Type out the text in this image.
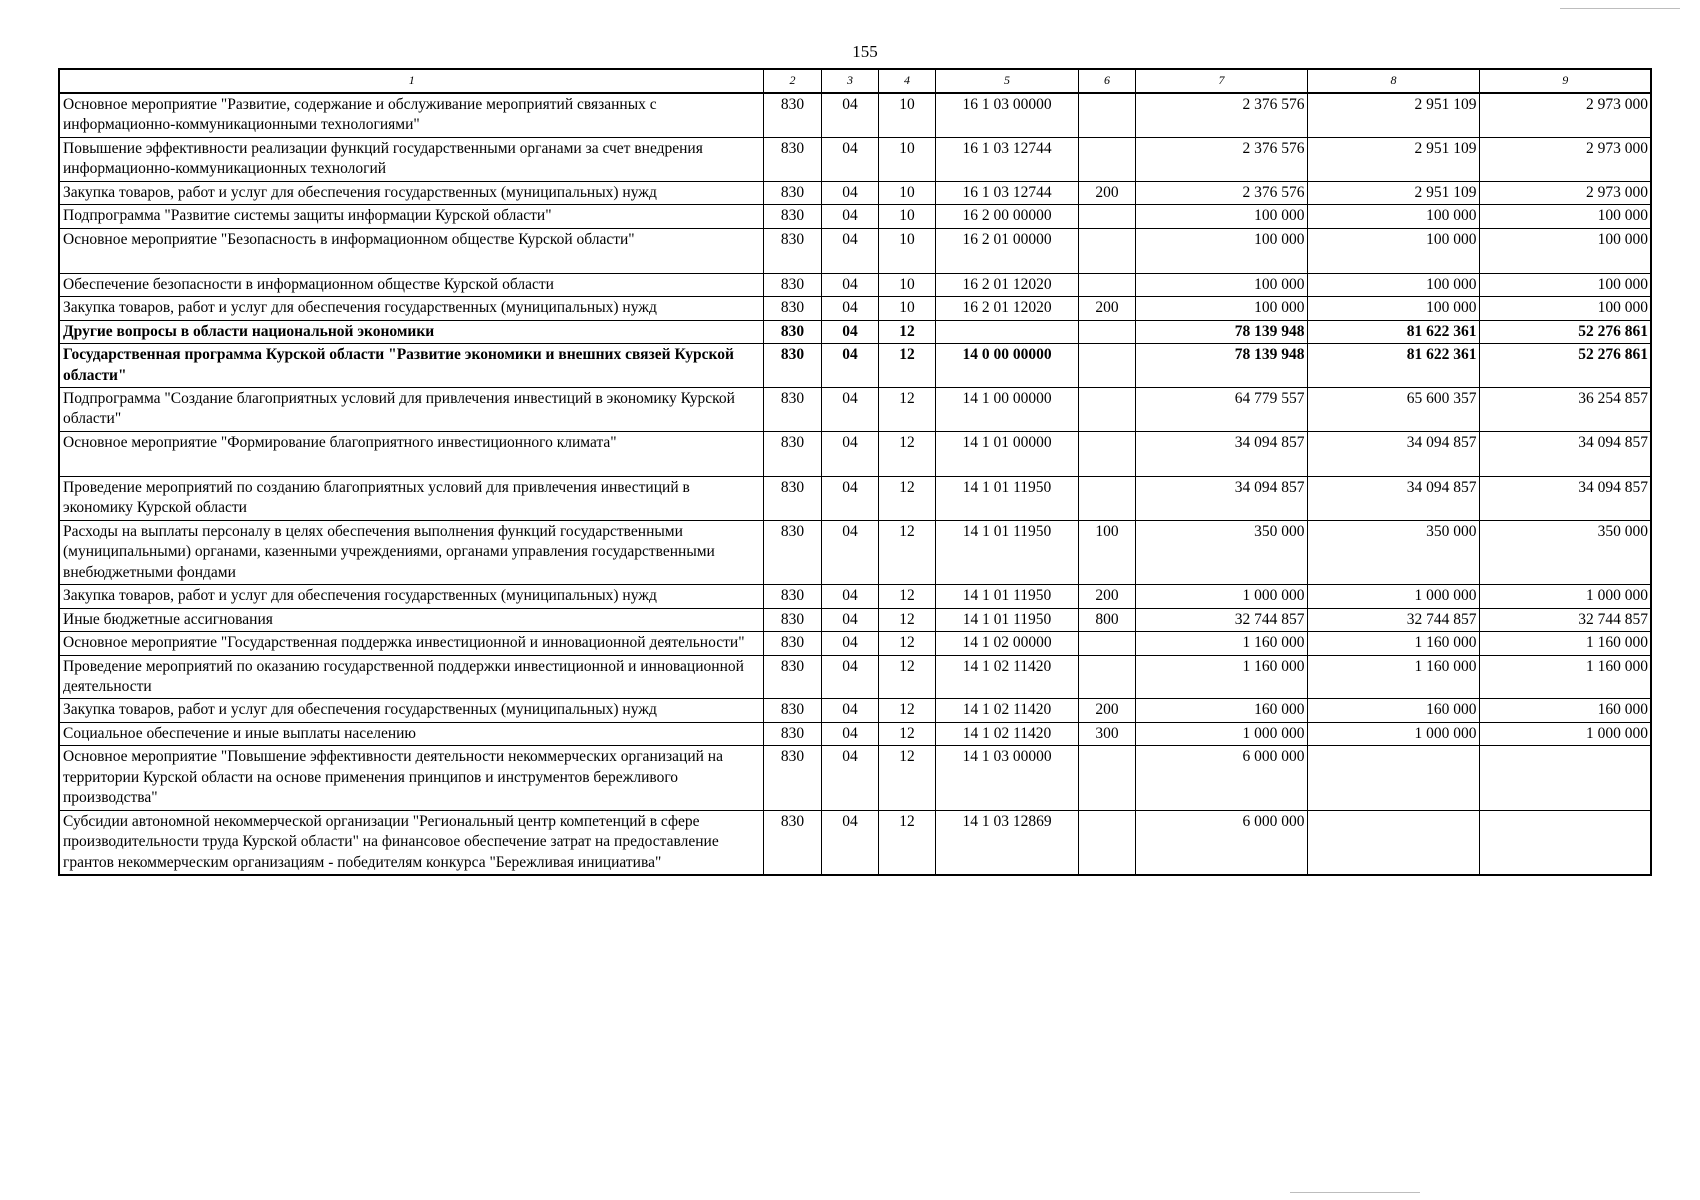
155
1	2	3	4	5	6	7	8	9
Основное мероприятие "Развитие, содержание и обслуживание мероприятий связанных с информационно-коммуникационными технологиями"	830	04	10	16 1 03 00000		2 376 576	2 951 109	2 973 000
Повышение эффективности реализации функций государственными органами за счет внедрения информационно-коммуникационных технологий	830	04	10	16 1 03 12744		2 376 576	2 951 109	2 973 000
Закупка товаров, работ и услуг для обеспечения государственных (муниципальных) нужд	830	04	10	16 1 03 12744	200	2 376 576	2 951 109	2 973 000
Подпрограмма "Развитие системы защиты информации Курской области"	830	04	10	16 2 00 00000		100 000	100 000	100 000
Основное мероприятие "Безопасность в информационном обществе Курской области"	830	04	10	16 2 01 00000		100 000	100 000	100 000
Обеспечение безопасности в информационном обществе Курской области	830	04	10	16 2 01 12020		100 000	100 000	100 000
Закупка товаров, работ и услуг для обеспечения государственных (муниципальных) нужд	830	04	10	16 2 01 12020	200	100 000	100 000	100 000
Другие вопросы в области национальной экономики	830	04	12			78 139 948	81 622 361	52 276 861
Государственная программа Курской области "Развитие экономики и внешних связей Курской области"	830	04	12	14 0 00 00000		78 139 948	81 622 361	52 276 861
Подпрограмма "Создание благоприятных условий для привлечения инвестиций в экономику Курской области"	830	04	12	14 1 00 00000		64 779 557	65 600 357	36 254 857
Основное мероприятие "Формирование благоприятного инвестиционного климата"	830	04	12	14 1 01 00000		34 094 857	34 094 857	34 094 857
Проведение мероприятий по созданию благоприятных условий для привлечения инвестиций в экономику Курской области	830	04	12	14 1 01 11950		34 094 857	34 094 857	34 094 857
Расходы на выплаты персоналу в целях обеспечения выполнения функций государственными (муниципальными) органами, казенными учреждениями, органами управления государственными внебюджетными фондами	830	04	12	14 1 01 11950	100	350 000	350 000	350 000
Закупка товаров, работ и услуг для обеспечения государственных (муниципальных) нужд	830	04	12	14 1 01 11950	200	1 000 000	1 000 000	1 000 000
Иные бюджетные ассигнования	830	04	12	14 1 01 11950	800	32 744 857	32 744 857	32 744 857
Основное мероприятие "Государственная поддержка инвестиционной и инновационной деятельности"	830	04	12	14 1 02 00000		1 160 000	1 160 000	1 160 000
Проведение мероприятий по оказанию государственной поддержки инвестиционной и инновационной деятельности	830	04	12	14 1 02 11420		1 160 000	1 160 000	1 160 000
Закупка товаров, работ и услуг для обеспечения государственных (муниципальных) нужд	830	04	12	14 1 02 11420	200	160 000	160 000	160 000
Социальное обеспечение и иные выплаты населению	830	04	12	14 1 02 11420	300	1 000 000	1 000 000	1 000 000
Основное мероприятие "Повышение эффективности деятельности некоммерческих организаций на территории Курской области на основе применения принципов и инструментов бережливого производства"	830	04	12	14 1 03 00000		6 000 000		
Субсидии автономной некоммерческой организации "Региональный центр компетенций в сфере производительности труда Курской области" на финансовое обеспечение затрат на предоставление грантов некоммерческим организациям - победителям конкурса "Бережливая инициатива"	830	04	12	14 1 03 12869		6 000 000		
